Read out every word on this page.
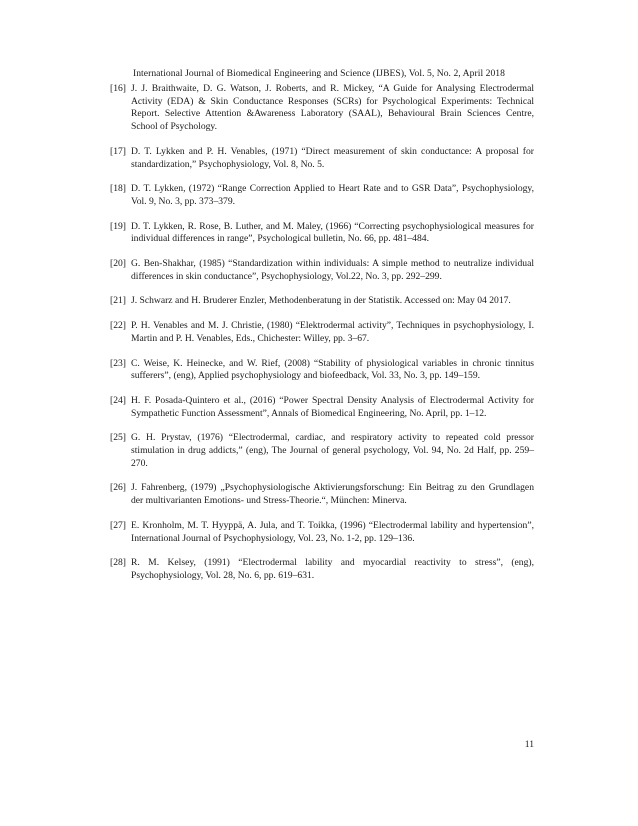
International Journal of Biomedical Engineering and Science (IJBES), Vol. 5, No. 2, April 2018
[16] J. J. Braithwaite, D. G. Watson, J. Roberts, and R. Mickey, “A Guide for Analysing Electrodermal Activity (EDA) & Skin Conductance Responses (SCRs) for Psychological Experiments: Technical Report. Selective Attention &Awareness Laboratory (SAAL), Behavioural Brain Sciences Centre, School of Psychology.
[17] D. T. Lykken and P. H. Venables, (1971) “Direct measurement of skin conductance: A proposal for standardization,” Psychophysiology, Vol. 8, No. 5.
[18] D. T. Lykken, (1972) “Range Correction Applied to Heart Rate and to GSR Data”, Psychophysiology, Vol. 9, No. 3, pp. 373–379.
[19] D. T. Lykken, R. Rose, B. Luther, and M. Maley, (1966) “Correcting psychophysiological measures for individual differences in range”, Psychological bulletin, No. 66, pp. 481–484.
[20] G. Ben-Shakhar, (1985) “Standardization within individuals: A simple method to neutralize individual differences in skin conductance”, Psychophysiology, Vol.22, No. 3, pp. 292–299.
[21] J. Schwarz and H. Bruderer Enzler, Methodenberatung in der Statistik. Accessed on: May 04 2017.
[22] P. H. Venables and M. J. Christie, (1980) “Elektrodermal activity”, Techniques in psychophysiology, I. Martin and P. H. Venables, Eds., Chichester: Willey, pp. 3–67.
[23] C. Weise, K. Heinecke, and W. Rief, (2008) “Stability of physiological variables in chronic tinnitus sufferers”, (eng), Applied psychophysiology and biofeedback, Vol. 33, No. 3, pp. 149–159.
[24] H. F. Posada-Quintero et al., (2016) “Power Spectral Density Analysis of Electrodermal Activity for Sympathetic Function Assessment”, Annals of Biomedical Engineering, No. April, pp. 1–12.
[25] G. H. Prystav, (1976) “Electrodermal, cardiac, and respiratory activity to repeated cold pressor stimulation in drug addicts,” (eng), The Journal of general psychology, Vol. 94, No. 2d Half, pp. 259–270.
[26] J. Fahrenberg, (1979) „Psychophysiologische Aktivierungsforschung: Ein Beitrag zu den Grundlagen der multivarianten Emotions- und Stress-Theorie.“, München: Minerva.
[27] E. Kronholm, M. T. Hyyppä, A. Jula, and T. Toikka, (1996) “Electrodermal lability and hypertension”, International Journal of Psychophysiology, Vol. 23, No. 1-2, pp. 129–136.
[28] R. M. Kelsey, (1991) “Electrodermal lability and myocardial reactivity to stress”, (eng), Psychophysiology, Vol. 28, No. 6, pp. 619–631.
11
